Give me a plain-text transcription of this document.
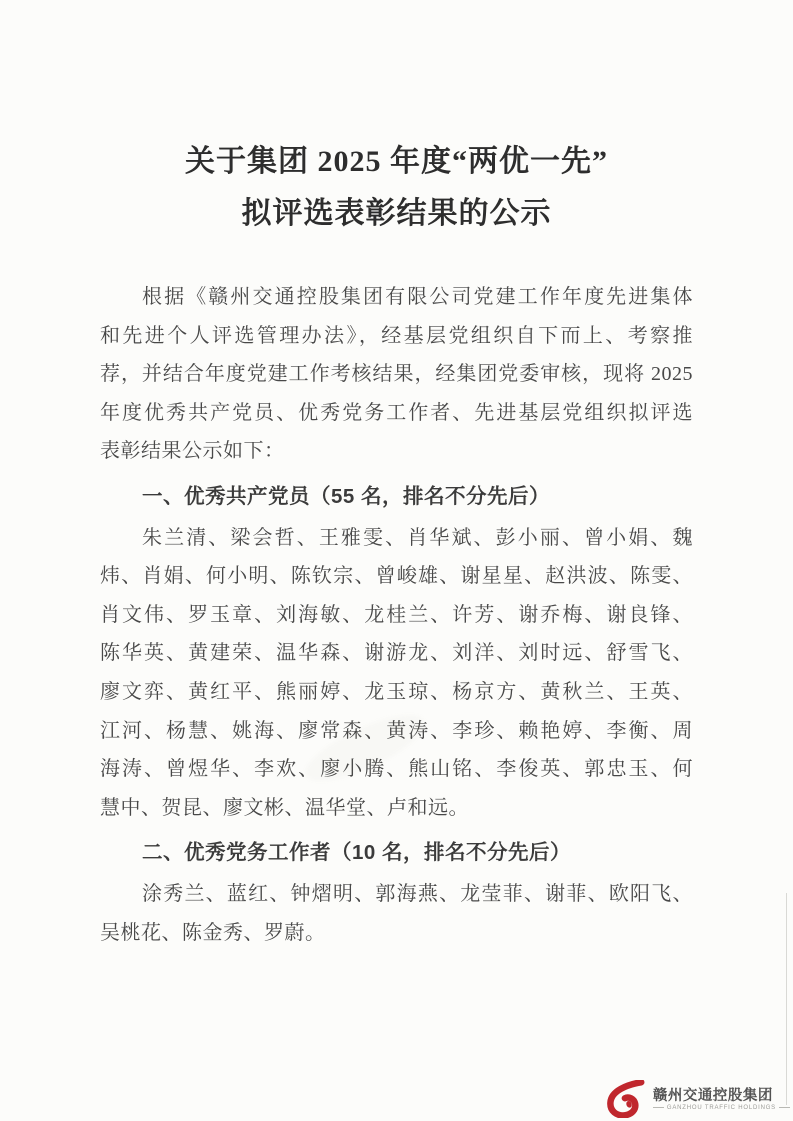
关于集团 2025 年度“两优一先”
拟评选表彰结果的公示
根据《赣州交通控股集团有限公司党建工作年度先进集体
和先进个人评选管理办法》，经基层党组织自下而上、考察推
荐，并结合年度党建工作考核结果，经集团党委审核，现将 2025
年度优秀共产党员、优秀党务工作者、先进基层党组织拟评选
表彰结果公示如下：
一、优秀共产党员（55 名，排名不分先后）
朱兰清、梁会哲、王雅雯、肖华斌、彭小丽、曾小娟、魏
炜、肖娟、何小明、陈钦宗、曾峻雄、谢星星、赵洪波、陈雯、
肖文伟、罗玉章、刘海敏、龙桂兰、许芳、谢乔梅、谢良锋、
陈华英、黄建荣、温华森、谢游龙、刘洋、刘时远、舒雪飞、
廖文弈、黄红平、熊丽婷、龙玉琼、杨京方、黄秋兰、王英、
江河、杨慧、姚海、廖常森、黄涛、李珍、赖艳婷、李衡、周
海涛、曾煜华、李欢、廖小腾、熊山铭、李俊英、郭忠玉、何
慧中、贺昆、廖文彬、温华堂、卢和远。
二、优秀党务工作者（10 名，排名不分先后）
涂秀兰、蓝红、钟熠明、郭海燕、龙莹菲、谢菲、欧阳飞、
吴桃花、陈金秀、罗蔚。
赣州交通控股集团
GANZHOU TRAFFIC HOLDINGS
